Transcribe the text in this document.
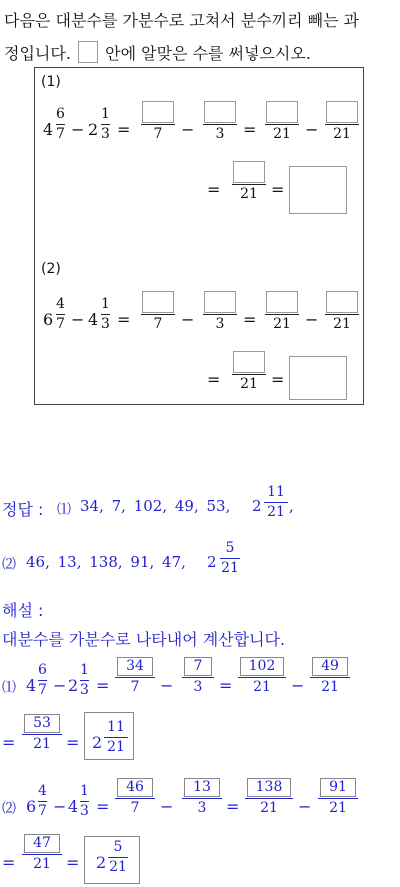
다음은 대분수를 가분수로 고쳐서 분수끼리 빼는 과
정입니다. 안에 알맞은 수를 써넣으시오.
(1)
4
6
7 − 2
1
3 = 7 − 3 = 21 − 21
= 21 =
(2)
6
4
7 − 4
1
3 = 7 − 3 = 21 − 21
= 21 =
정답 : ⑴ 34, 7, 102, 49, 53, 2
11
21 ,
⑵ 46, 13, 138, 91, 47, 2
5
21
해설 :
대분수를 가분수로 나타내어 계산합니다.
⑴ 4
6
7 − 2
1
$3 = \frac{34}{7} - \frac{7}{3} = \frac{102}{21} - \frac{49}{21}$
= $\frac{53}{21} = 2$
11
21
⑵ 6
4
7 − 4
1
$3 = \frac{46}{7} - \frac{13}{3} = \frac{138}{21} - \frac{91}{21}$
= $\frac{47}{21} = 2$
5
21
